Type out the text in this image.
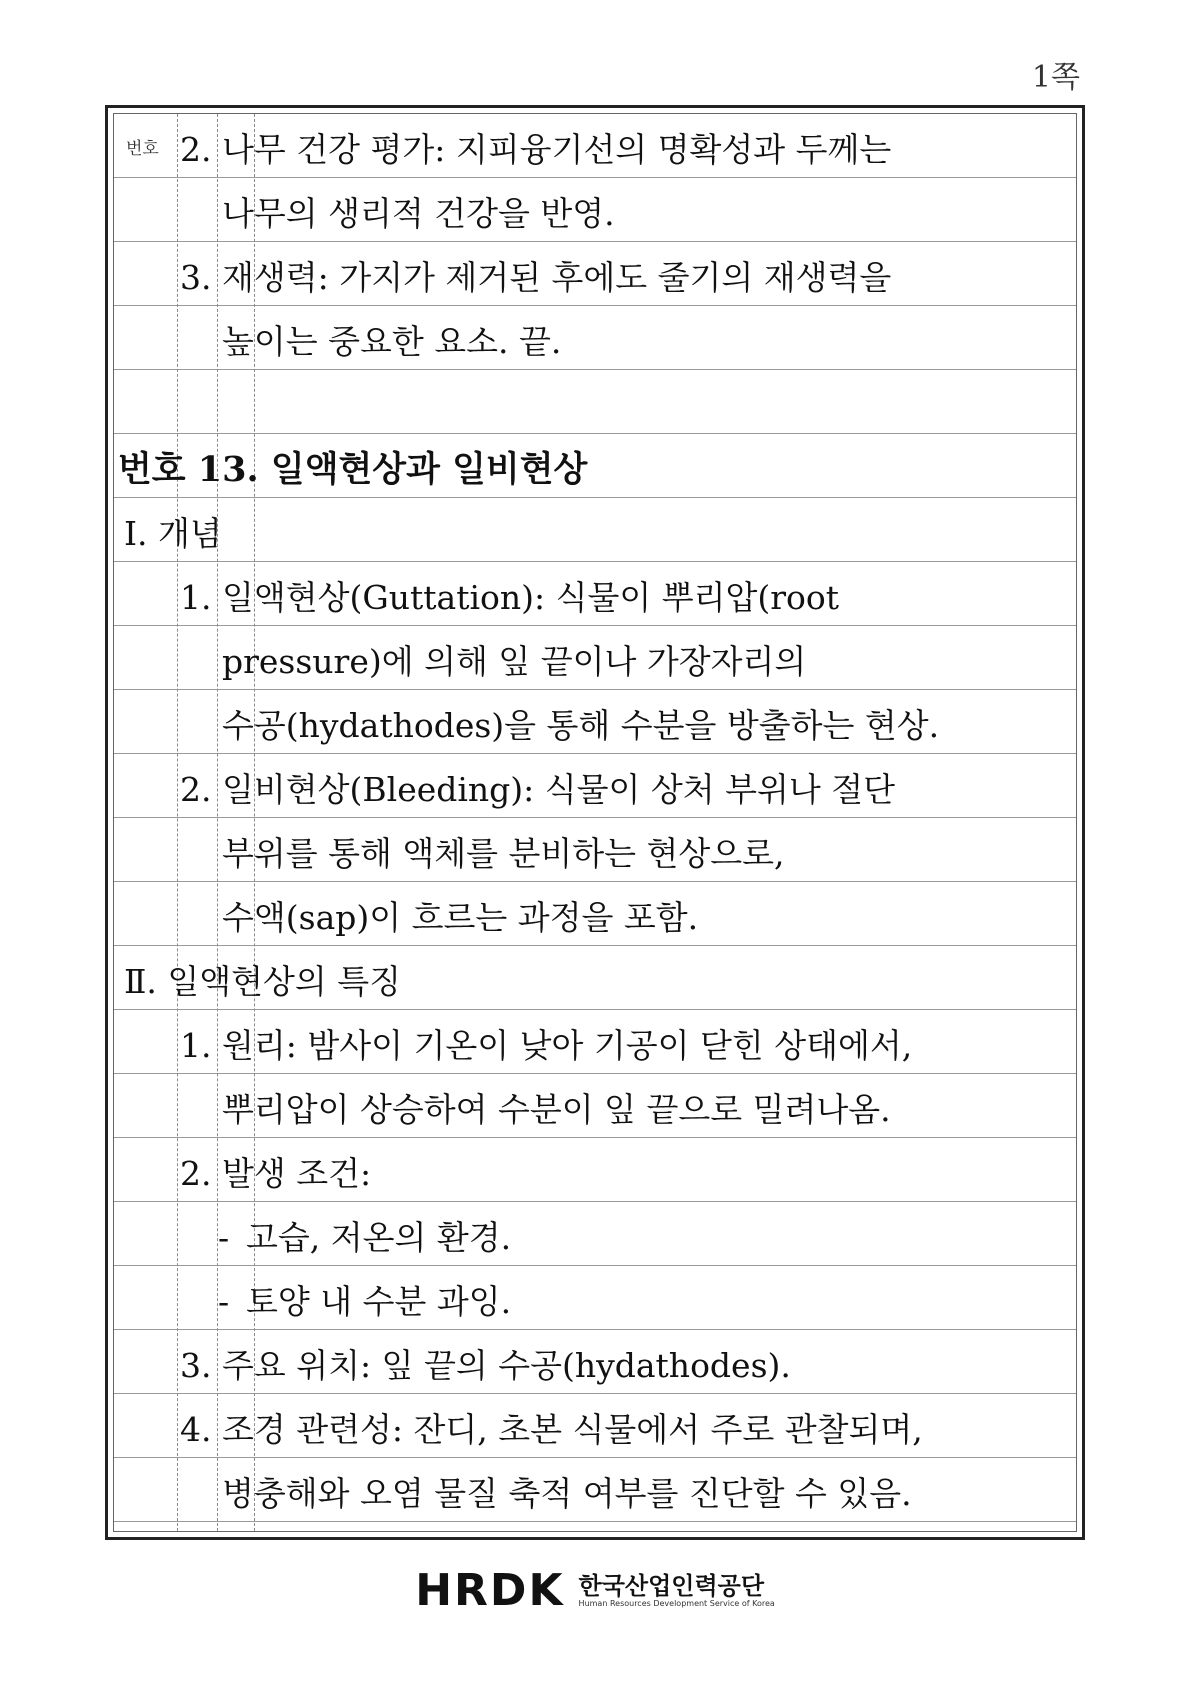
1쪽
번호 2. 나무 건강 평가: 지피융기선의 명확성과 두께는
나무의 생리적 건강을 반영.
3. 재생력: 가지가 제거된 후에도 줄기의 재생력을
높이는 중요한 요소. 끝.
번호 13. 일액현상과 일비현상
Ⅰ. 개념
1. 일액현상(Guttation): 식물이 뿌리압(root
pressure)에 의해 잎 끝이나 가장자리의
수공(hydathodes)을 통해 수분을 방출하는 현상.
2. 일비현상(Bleeding): 식물이 상처 부위나 절단
부위를 통해 액체를 분비하는 현상으로,
수액(sap)이 흐르는 과정을 포함.
Ⅱ. 일액현상의 특징
1. 원리: 밤사이 기온이 낮아 기공이 닫힌 상태에서,
뿌리압이 상승하여 수분이 잎 끝으로 밀려나옴.
2. 발생 조건:
- 고습, 저온의 환경.
- 토양 내 수분 과잉.
3. 주요 위치: 잎 끝의 수공(hydathodes).
4. 조경 관련성: 잔디, 초본 식물에서 주로 관찰되며,
병충해와 오염 물질 축적 여부를 진단할 수 있음.
HRDK 한국산업인력공단
Human Resources Development Service of Korea
